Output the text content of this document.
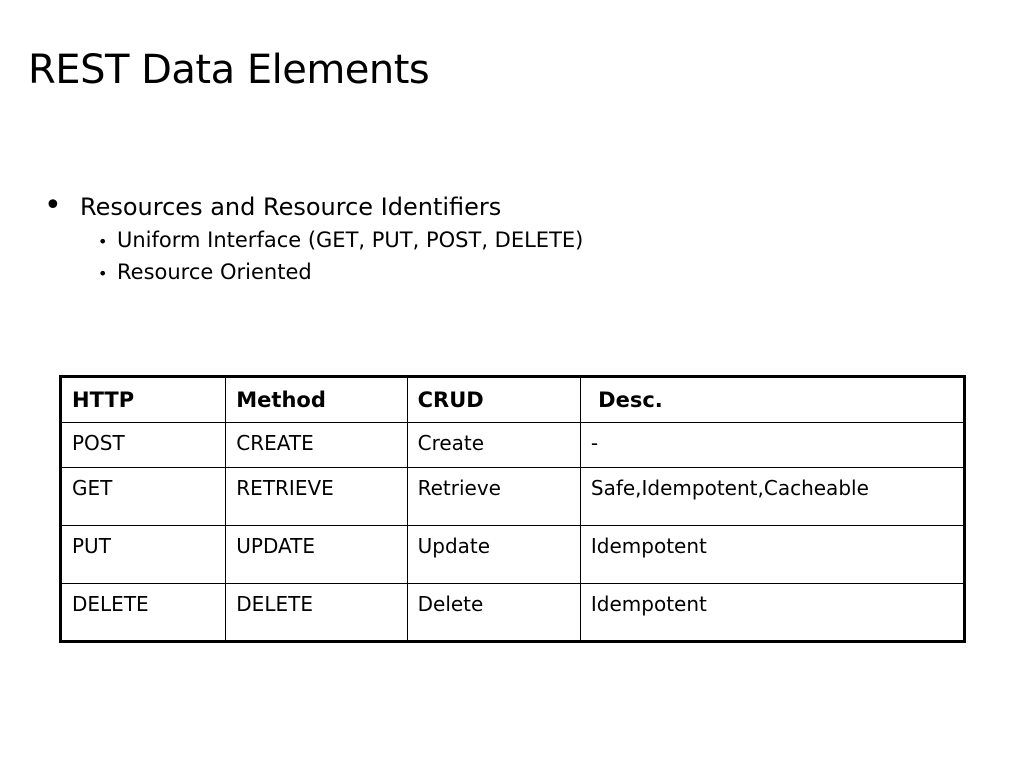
REST Data Elements
• Resources and Resource Identifiers
• Uniform Interface (GET, PUT, POST, DELETE)
• Resource Oriented
HTTP	Method	CRUD	Desc.
POST	CREATE	Create	-
GET	RETRIEVE	Retrieve	Safe,Idempotent,Cacheable
PUT	UPDATE	Update	Idempotent
DELETE	DELETE	Delete	Idempotent
